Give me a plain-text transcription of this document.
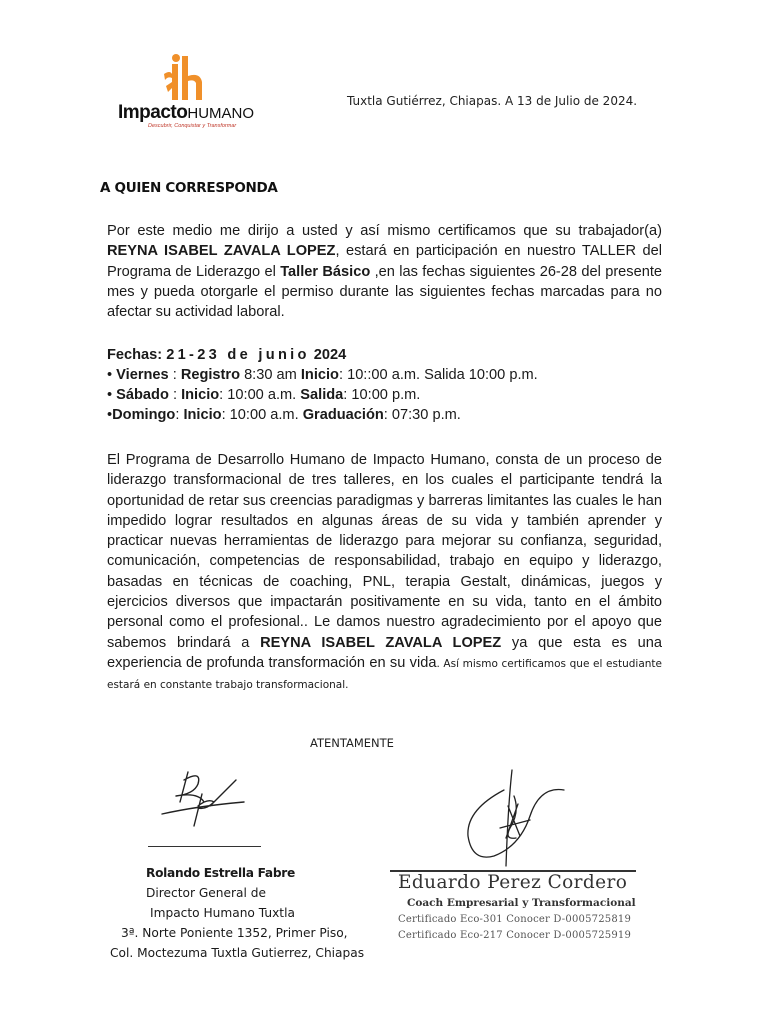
ImpactoHUMANO
Descubrir, Conquistar y Transformar
Tuxtla Gutiérrez, Chiapas. A 13 de Julio de 2024.
A QUIEN CORRESPONDA
Por este medio me dirijo a usted y así mismo certificamos que su trabajador(a) REYNA ISABEL ZAVALA LOPEZ, estará en participación en nuestro TALLER del Programa de Liderazgo el Taller Básico ,en las fechas siguientes 26-28 del presente mes y pueda otorgarle el permiso durante las siguientes fechas marcadas para no afectar su actividad laboral.
Fechas: 21-23 de junio 2024
• Viernes : Registro 8:30 am Inicio: 10::00 a.m. Salida 10:00 p.m.
• Sábado : Inicio: 10:00 a.m. Salida: 10:00 p.m.
•Domingo: Inicio: 10:00 a.m. Graduación: 07:30 p.m.
El Programa de Desarrollo Humano de Impacto Humano, consta de un proceso de liderazgo transformacional de tres talleres, en los cuales el participante tendrá la oportunidad de retar sus creencias paradigmas y barreras limitantes las cuales le han impedido lograr resultados en algunas áreas de su vida y también aprender y practicar nuevas herramientas de liderazgo para mejorar su confianza, seguridad, comunicación, competencias de responsabilidad, trabajo en equipo y liderazgo, basadas en técnicas de coaching, PNL, terapia Gestalt, dinámicas, juegos y ejercicios diversos que impactarán positivamente en su vida, tanto en el ámbito personal como el profesional.. Le damos nuestro agradecimiento por el apoyo que sabemos brindará a REYNA ISABEL ZAVALA LOPEZ ya que esta es una experiencia de profunda transformación en su vida. Así mismo certificamos que el estudiante estará en constante trabajo transformacional.
ATENTAMENTE
Rolando Estrella Fabre
Director General de
Impacto Humano Tuxtla
3ª. Norte Poniente 1352, Primer Piso,
Col. Moctezuma Tuxtla Gutierrez, Chiapas
Eduardo Perez Cordero
Coach Empresarial y Transformacional
Certificado Eco-301 Conocer D-0005725819
Certificado Eco-217 Conocer D-0005725919
